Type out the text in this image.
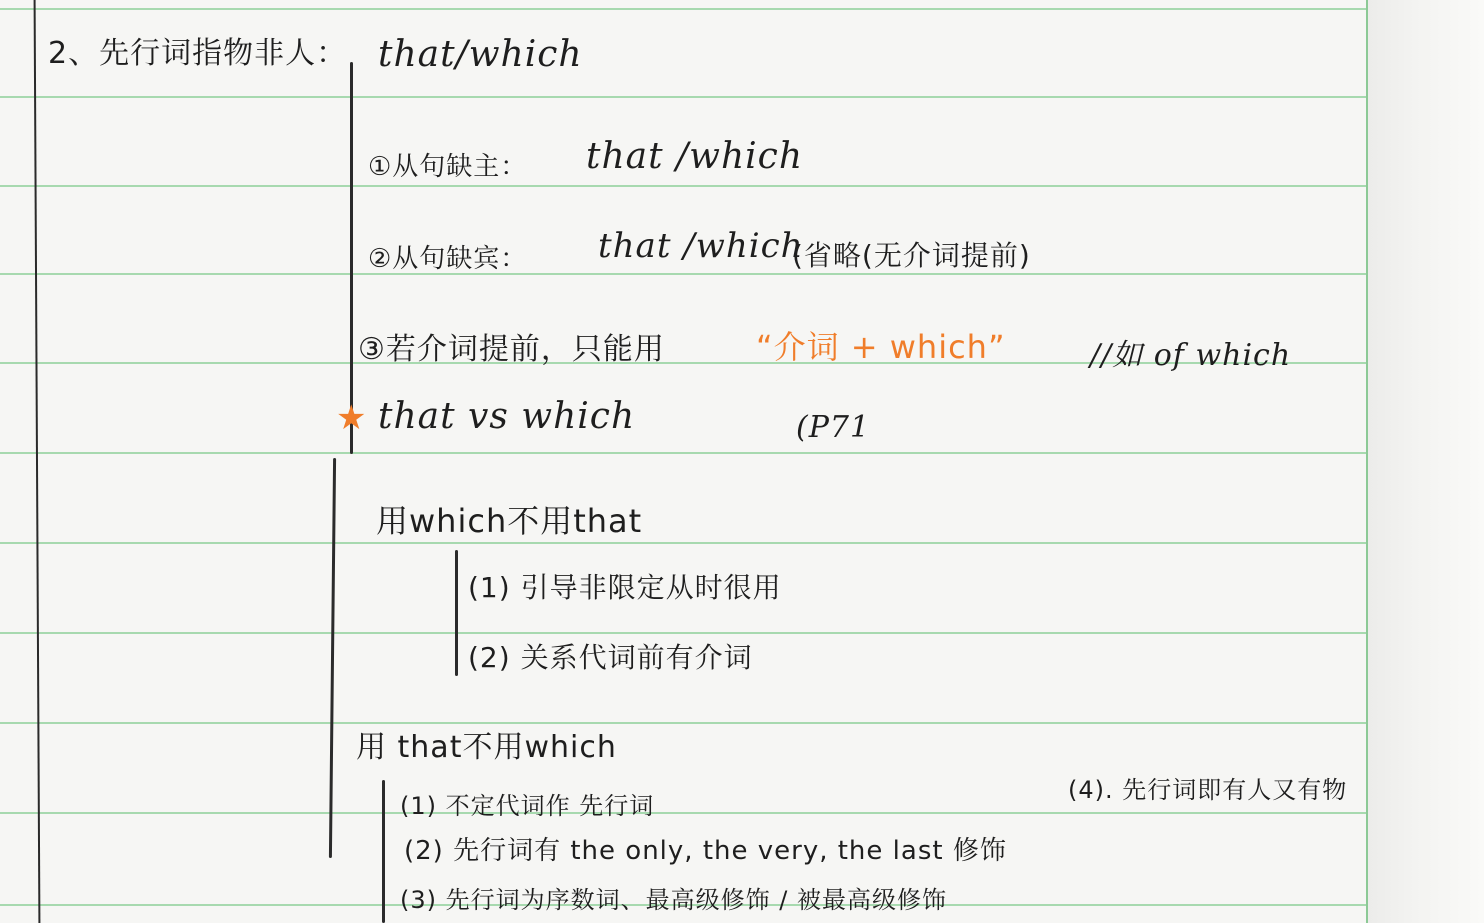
2、先行词指物非人： that/which
①从句缺主： that /which
②从句缺宾： that /which
(省略(无介词提前)
③若介词提前，只能用	“介词 + which”	//如 of which
★ that vs which	(P71
用which不用that
(1) 引导非限定从时很用
(2) 关系代词前有介词
用 that不用which
(4). 先行词即有人又有物
(1) 不定代词作 先行词
(2) 先行词有 the only, the very, the last 修饰
(3) 先行词为序数词、最高级修饰 / 被最高级修饰
